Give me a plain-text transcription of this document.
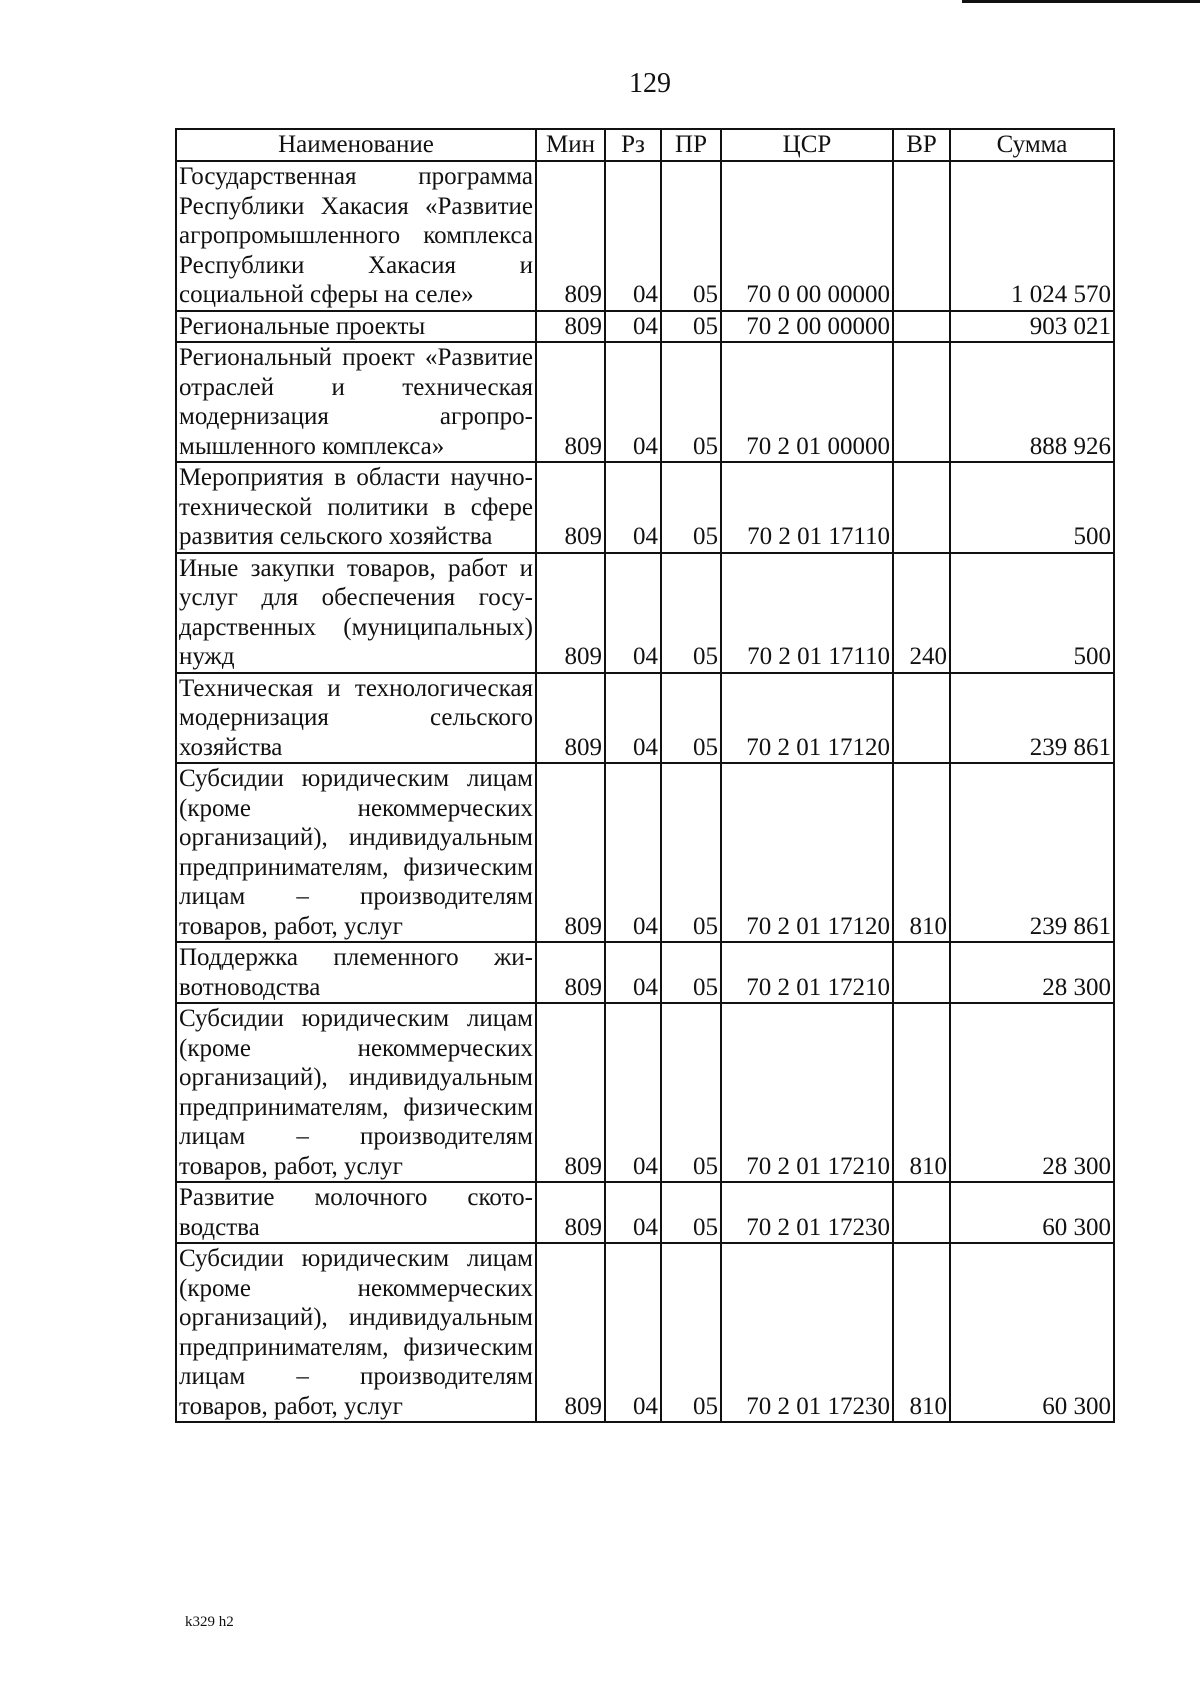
129
Наименование	Мин	Рз	ПР	ЦСР	ВР	Сумма
Государственная программа Республики Хакасия «Развитие агропромышленного комплекса Республики Хакасия и социальной сферы на селе»	809	04	05	70 0 00 00000		1 024 570
Региональные проекты	809	04	05	70 2 00 00000		903 021
Региональный проект «Развитие отраслей и техническая модернизация агропромышленного комплекса»	809	04	05	70 2 01 00000		888 926
Мероприятия в области научно-технической политики в сфере развития сельского хозяйства	809	04	05	70 2 01 17110		500
Иные закупки товаров, работ и услуг для обеспечения государственных (муниципальных) нужд	809	04	05	70 2 01 17110	240	500
Техническая и технологическая модернизация сельского хозяйства	809	04	05	70 2 01 17120		239 861
Субсидии юридическим лицам (кроме некоммерческих организаций), индивидуальным предпринимателям, физическим лицам – производителям товаров, работ, услуг	809	04	05	70 2 01 17120	810	239 861
Поддержка племенного животноводства	809	04	05	70 2 01 17210		28 300
Субсидии юридическим лицам (кроме некоммерческих организаций), индивидуальным предпринимателям, физическим лицам – производителям товаров, работ, услуг	809	04	05	70 2 01 17210	810	28 300
Развитие молочного скотоводства	809	04	05	70 2 01 17230		60 300
Субсидии юридическим лицам (кроме некоммерческих организаций), индивидуальным предпринимателям, физическим лицам – производителям товаров, работ, услуг	809	04	05	70 2 01 17230	810	60 300
k329 h2
